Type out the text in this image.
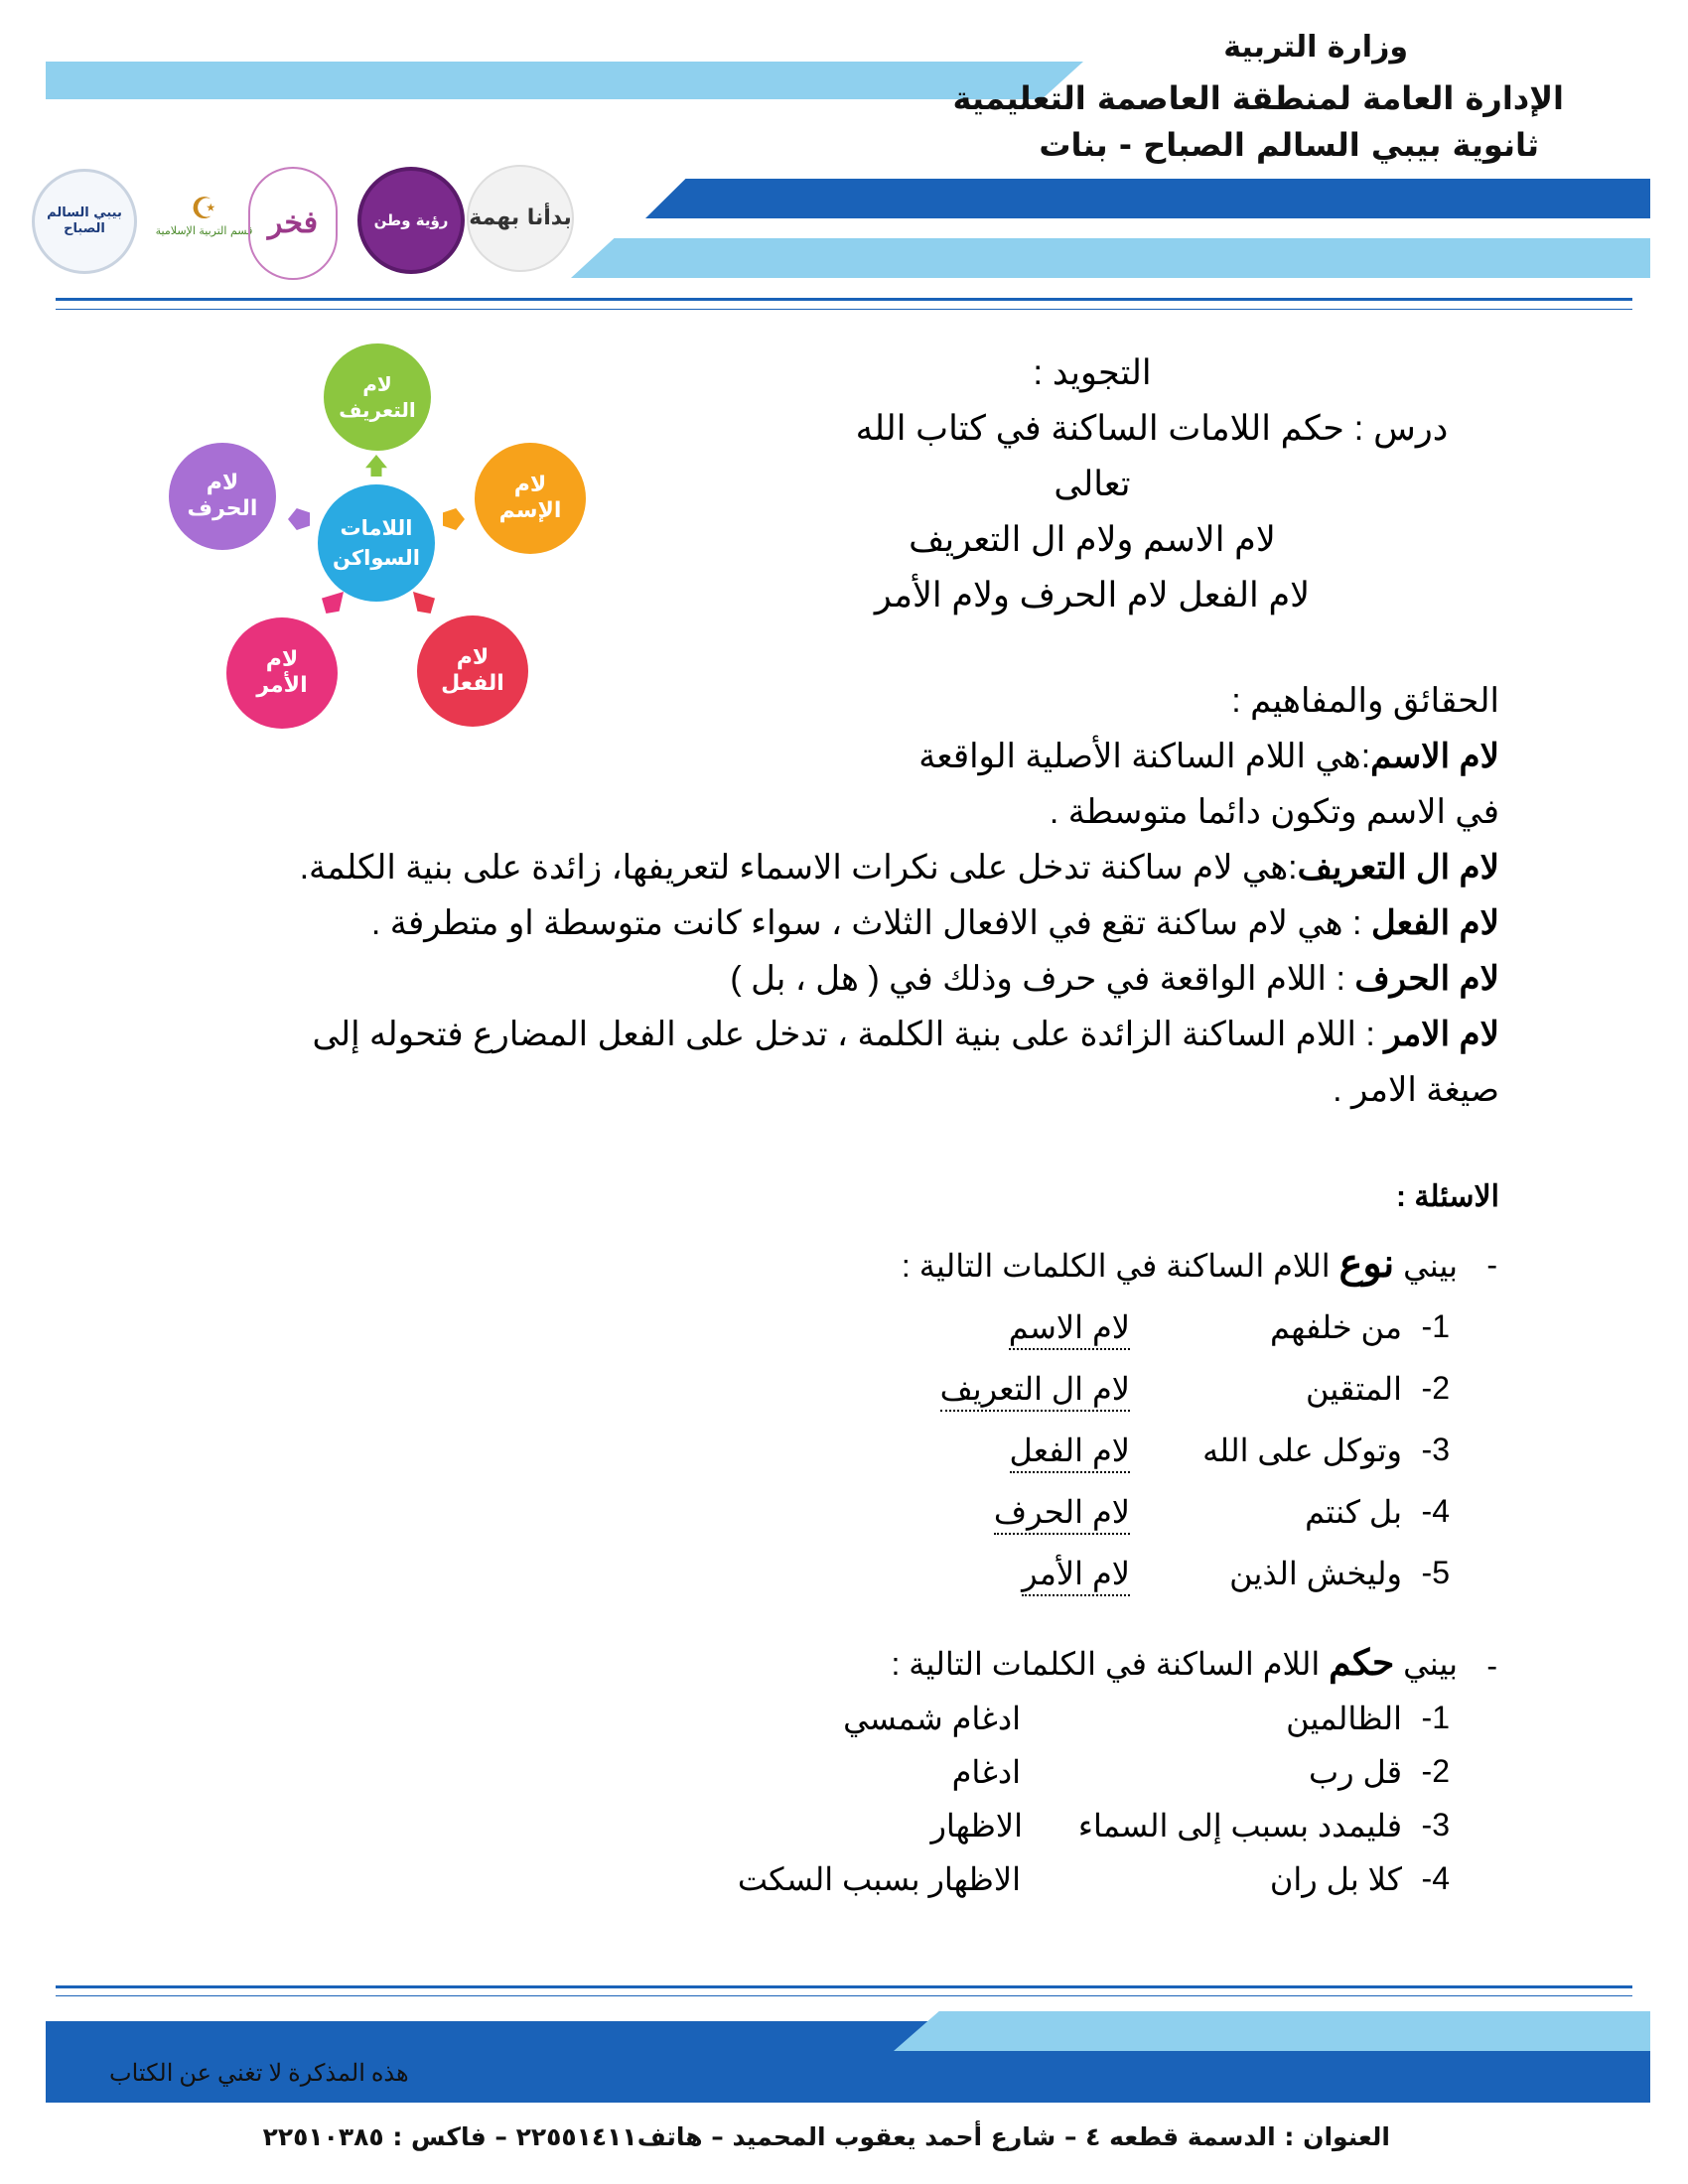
وزارة التربية
الإدارة العامة لمنطقة العاصمة التعليمية
ثانوية بيبي السالم الصباح - بنات
بيبي السالم الصباح
☪
قسم التربية الإسلامية فخر	رؤية وطن بدأنا بهمة
لام التعريف
لام الإسم
لام الفعل
لام الأمر
لام الحرف
اللامات السواكن
التجويد :
درس : حكم اللامات الساكنة في كتاب الله
تعالى
لام الاسم ولام ال التعريف
لام الفعل لام الحرف ولام الأمر
الحقائق والمفاهيم :
لام الاسم:هي اللام الساكنة الأصلية الواقعة
في الاسم وتكون دائما متوسطة .
لام ال التعريف:هي لام ساكنة تدخل على نكرات الاسماء لتعريفها، زائدة على بنية الكلمة.
لام الفعل : هي لام ساكنة تقع في الافعال الثلاث ، سواء كانت متوسطة او متطرفة .
لام الحرف : اللام الواقعة في حرف وذلك في ( هل ، بل )
لام الامر : اللام الساكنة الزائدة على بنية الكلمة ، تدخل على الفعل المضارع فتحوله إلى
صيغة الامر .
الاسئلة :
بيني نوع اللام الساكنة في الكلمات التالية :	-
1-
من خلفهم
لام الاسم
2-
المتقين
لام ال التعريف
3-
وتوكل على الله
لام الفعل
4-
بل كنتم
لام الحرف
5-
وليخش الذين
لام الأمر
بيني حكم اللام الساكنة في الكلمات التالية :	-
1-
الظالمين
ادغام شمسي
2-
قل رب
ادغام
3-
فليمدد بسبب إلى السماء
الاظهار
4-
كلا بل ران
الاظهار بسبب السكت
هذه المذكرة لا تغني عن الكتاب
العنوان : الدسمة قطعه ٤ – شارع أحمد يعقوب المحميد – هاتف٢٢٥٥١٤١١ – فاكس : ٢٢٥١٠٣٨٥
